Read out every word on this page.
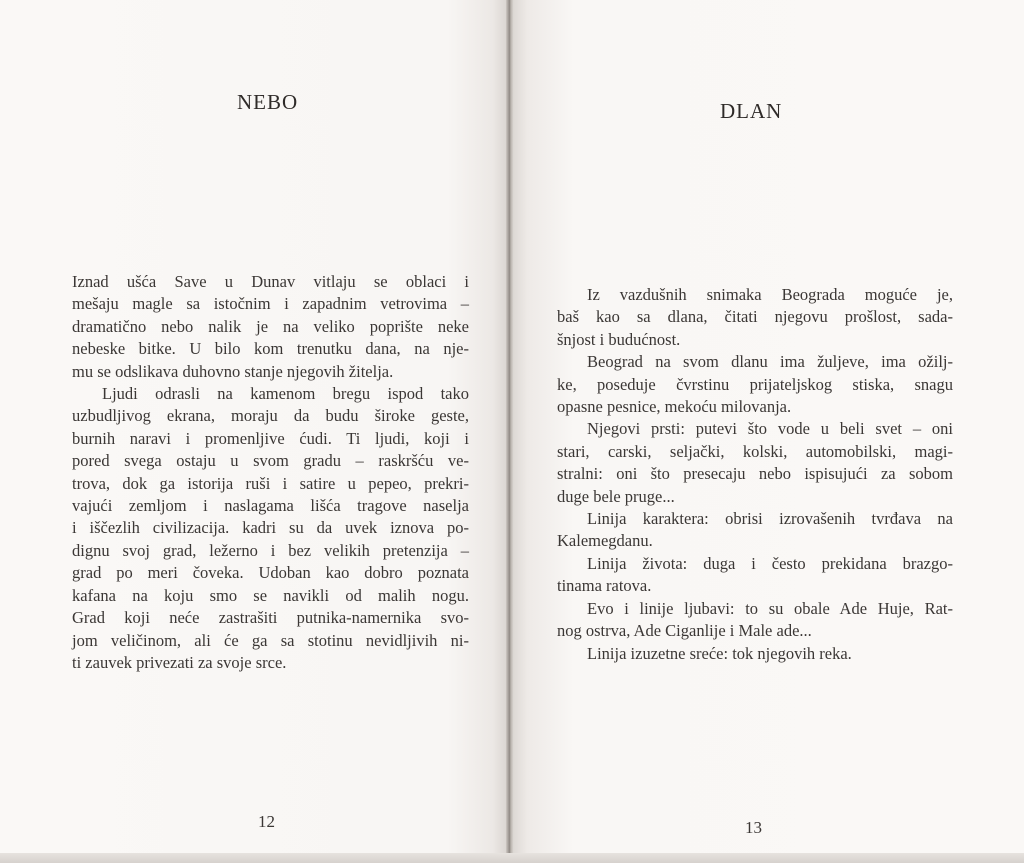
NEBO
Iznad ušća Save u Dunav vitlaju se oblaci i
mešaju magle sa istočnim i zapadnim vetrovima –
dramatično nebo nalik je na veliko poprište neke
nebeske bitke. U bilo kom trenutku dana, na nje-
mu se odslikava duhovno stanje njegovih žitelja.
Ljudi odrasli na kamenom bregu ispod tako
uzbudljivog ekrana, moraju da budu široke geste,
burnih naravi i promenljive ćudi. Ti ljudi, koji i
pored svega ostaju u svom gradu – raskršću ve-
trova, dok ga istorija ruši i satire u pepeo, prekri-
vajući zemljom i naslagama lišća tragove naselja
i iščezlih civilizacija. kadri su da uvek iznova po-
dignu svoj grad, ležerno i bez velikih pretenzija –
grad po meri čoveka. Udoban kao dobro poznata
kafana na koju smo se navikli od malih nogu.
Grad koji neće zastrašiti putnika-namernika svo-
jom veličinom, ali će ga sa stotinu nevidljivih ni-
ti zauvek privezati za svoje srce.
12
DLAN
Iz vazdušnih snimaka Beograda moguće je,
baš kao sa dlana, čitati njegovu prošlost, sada-
šnjost i budućnost.
Beograd na svom dlanu ima žuljeve, ima ožilj-
ke, poseduje čvrstinu prijateljskog stiska, snagu
opasne pesnice, mekoću milovanja.
Njegovi prsti: putevi što vode u beli svet – oni
stari, carski, seljački, kolski, automobilski, magi-
stralni: oni što presecaju nebo ispisujući za sobom
duge bele pruge...
Linija karaktera: obrisi izrovašenih tvrđava na
Kalemegdanu.
Linija života: duga i često prekidana brazgo-
tinama ratova.
Evo i linije ljubavi: to su obale Ade Huje, Rat-
nog ostrva, Ade Ciganlije i Male ade...
Linija izuzetne sreće: tok njegovih reka.
13
